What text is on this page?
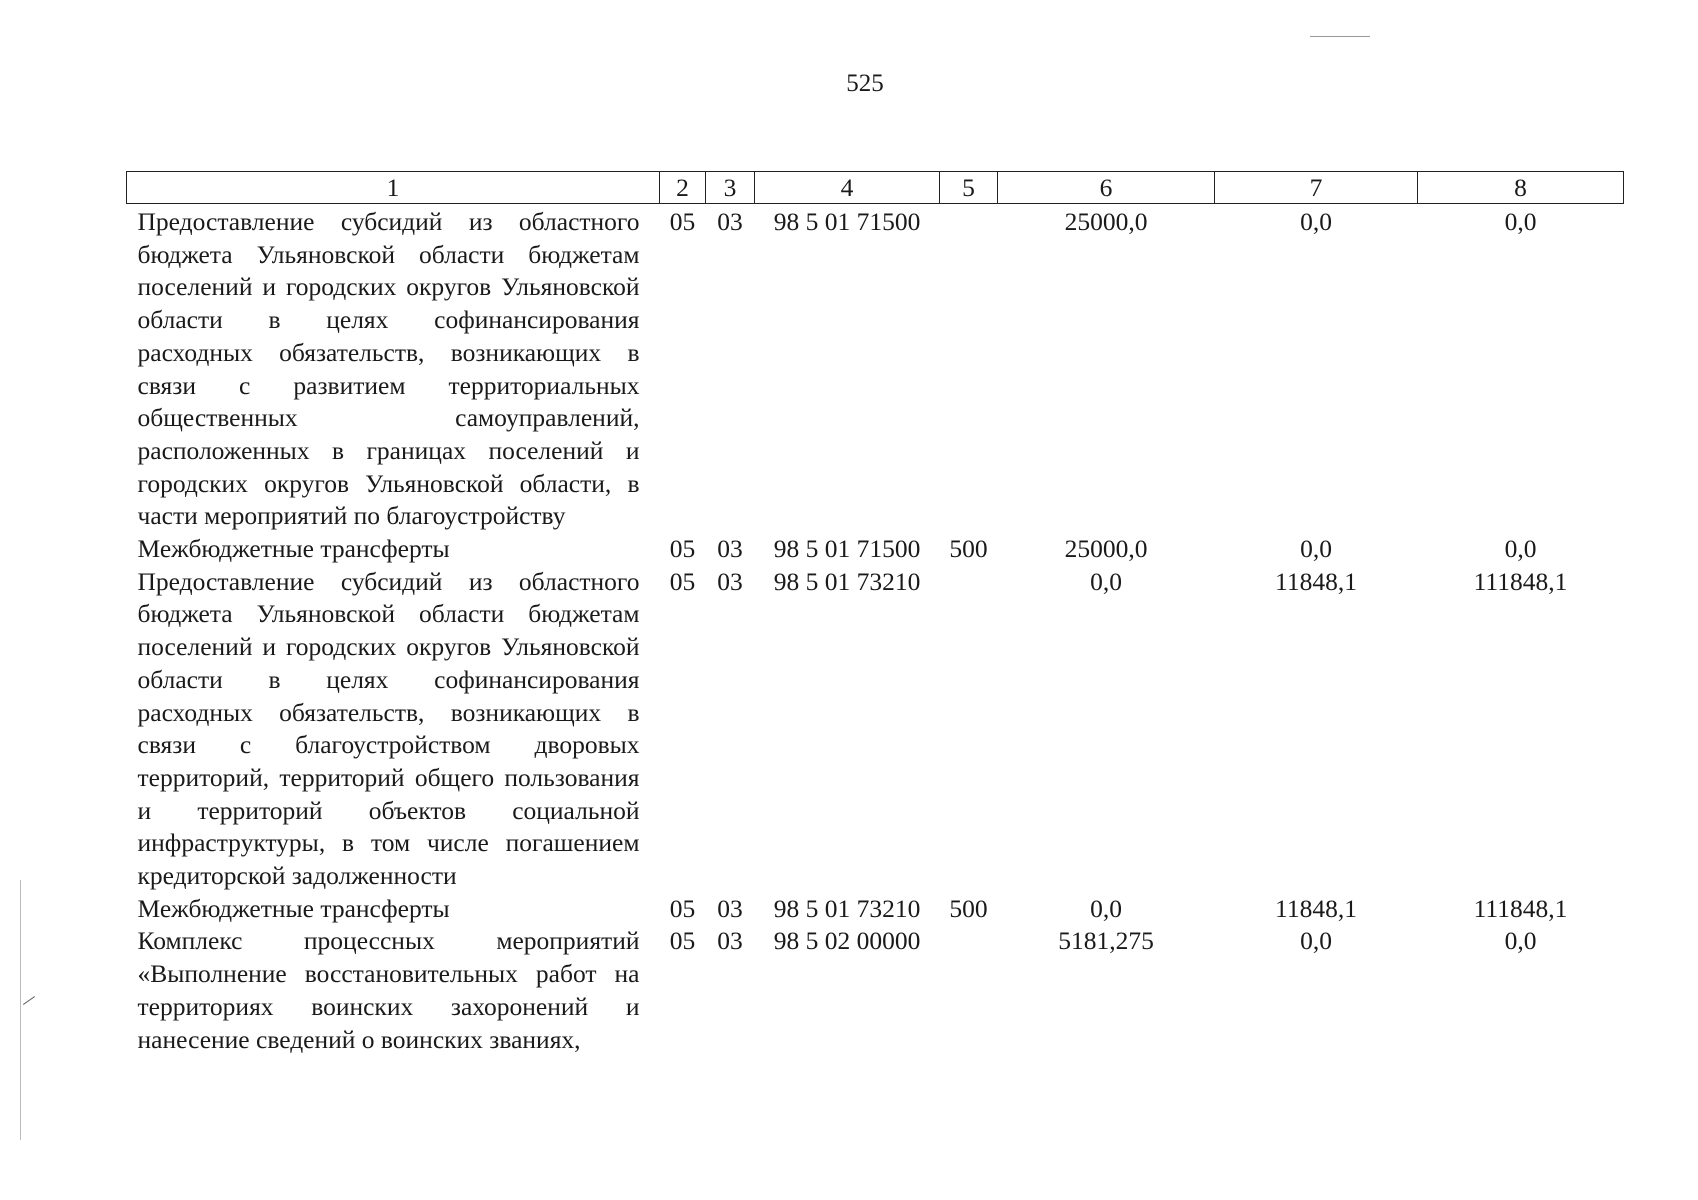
525
1	2	3	4	5	6	7	8
Предоставление субсидий из областного бюджета Ульяновской области бюджетам поселений и городских округов Ульяновской области в целях софинансирования расходных обязательств, возникающих в связи с развитием территориальных общественных самоуправлений, расположенных в границах поселений и городских округов Ульяновской области, в части мероприятий по благоустройству	05	03	98 5 01 71500		25000,0	0,0	0,0
Межбюджетные трансферты	05	03	98 5 01 71500	500	25000,0	0,0	0,0
Предоставление субсидий из областного бюджета Ульяновской области бюджетам поселений и городских округов Ульяновской области в целях софинансирования расходных обязательств, возникающих в связи с благоустройством дворовых территорий, территорий общего пользования и территорий объектов социальной инфраструктуры, в том числе погашением кредиторской задолженности	05	03	98 5 01 73210		0,0	11848,1	111848,1
Межбюджетные трансферты	05	03	98 5 01 73210	500	0,0	11848,1	111848,1
Комплекс процессных мероприятий «Выполнение восстановительных работ на территориях воинских захоронений и нанесение сведений о воинских званиях,	05	03	98 5 02 00000		5181,275	0,0	0,0
